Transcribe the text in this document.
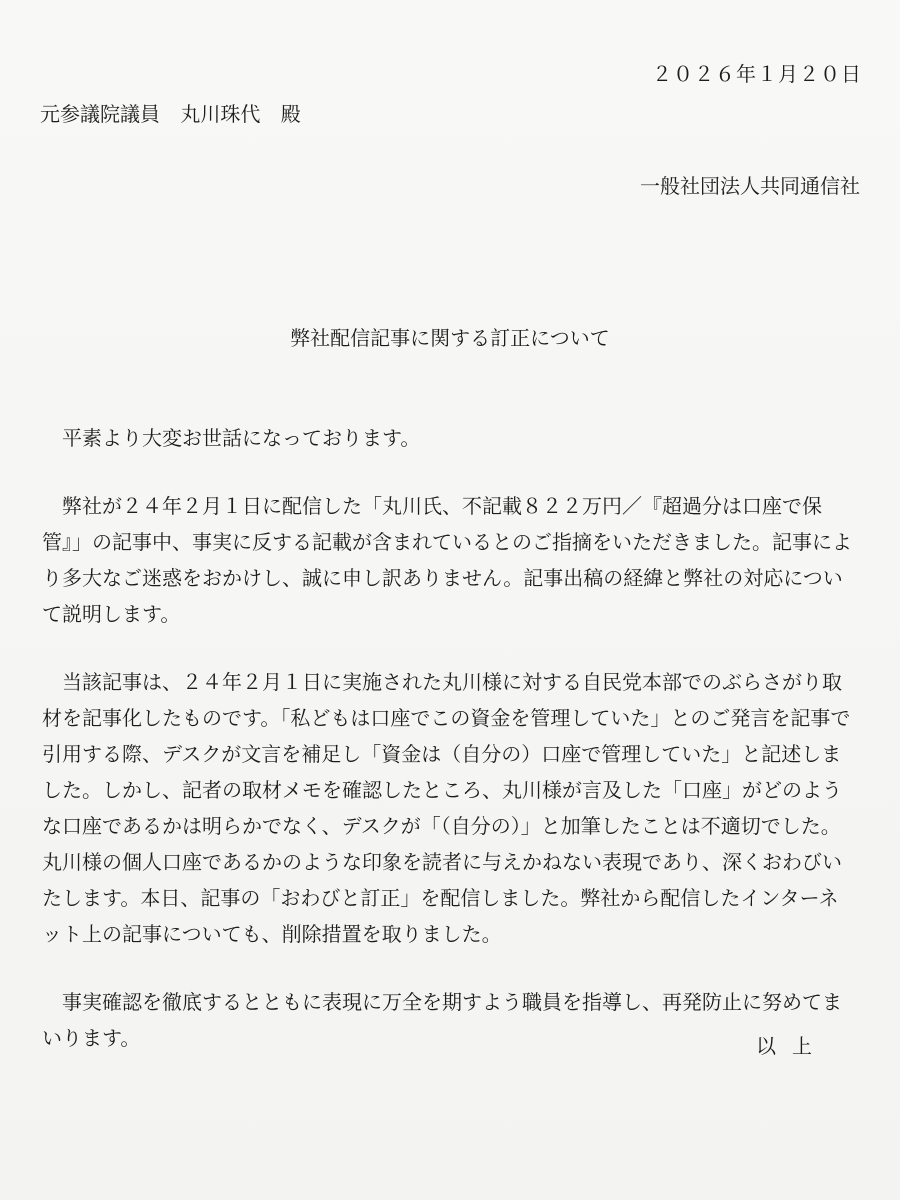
２０２６年１月２０日
元参議院議員 丸川珠代 殿
一般社団法人共同通信社
弊社配信記事に関する訂正について

平素より大変お世話になっております。

弊社が２４年２月１日に配信した「丸川氏、不記載８２２万円／『超過分は口座で保管』」の記事中、事実に反する記載が含まれているとのご指摘をいただきました。記事により多大なご迷惑をおかけし、誠に申し訳ありません。記事出稿の経緯と弊社の対応について説明します。

当該記事は、２４年２月１日に実施された丸川様に対する自民党本部でのぶらさがり取材を記事化したものです。「私どもは口座でこの資金を管理していた」とのご発言を記事で引用する際、デスクが文言を補足し「資金は（自分の）口座で管理していた」と記述しました。しかし、記者の取材メモを確認したところ、丸川様が言及した「口座」がどのような口座であるかは明らかでなく、デスクが「（自分の）」と加筆したことは不適切でした。丸川様の個人口座であるかのような印象を読者に与えかねない表現であり、深くおわびいたします。本日、記事の「おわびと訂正」を配信しました。弊社から配信したインターネット上の記事についても、削除措置を取りました。

事実確認を徹底するとともに表現に万全を期すよう職員を指導し、再発防止に努めてまいります。	以上
